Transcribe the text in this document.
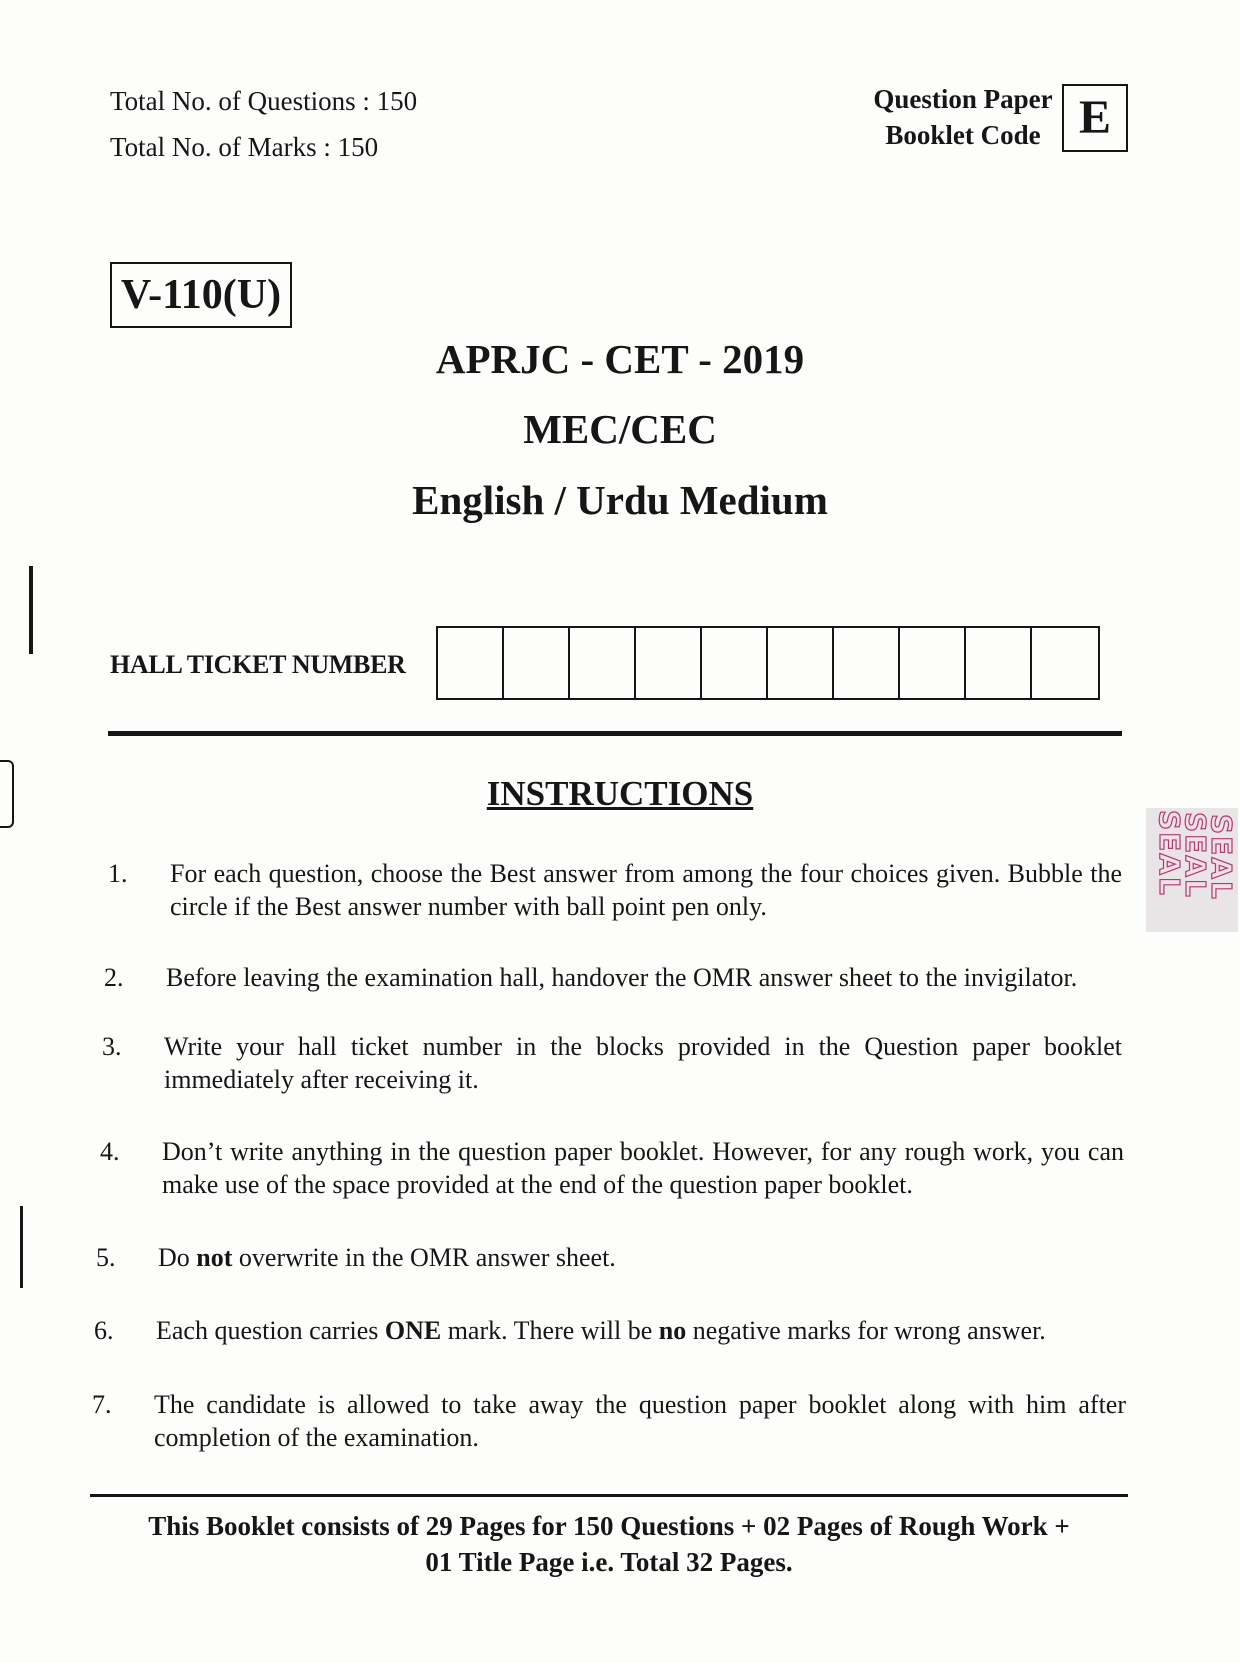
Total No. of Questions : 150
Total No. of Marks : 150
Question Paper
Booklet Code E
V-110(U)
APRJC - CET - 2019
MEC/CEC
English / Urdu Medium
HALL TICKET NUMBER
INSTRUCTIONS
1.	For each question, choose the Best answer from among the four choices given. Bubble the circle if the Best answer number with ball point pen only.
2.	Before leaving the examination hall, handover the OMR answer sheet to the invigilator.
3.	Write your hall ticket number in the blocks provided in the Question paper booklet immediately after receiving it.
4.	Don’t write anything in the question paper booklet. However, for any rough work, you can make use of the space provided at the end of the question paper booklet.
5.	Do not overwrite in the OMR answer sheet.
6.	Each question carries ONE mark. There will be no negative marks for wrong answer.
7.	The candidate is allowed to take away the question paper booklet along with him after completion of the examination.
This Booklet consists of 29 Pages for 150 Questions + 02 Pages of Rough Work +
01 Title Page i.e. Total 32 Pages.
SEAL
SEAL
SEAL
